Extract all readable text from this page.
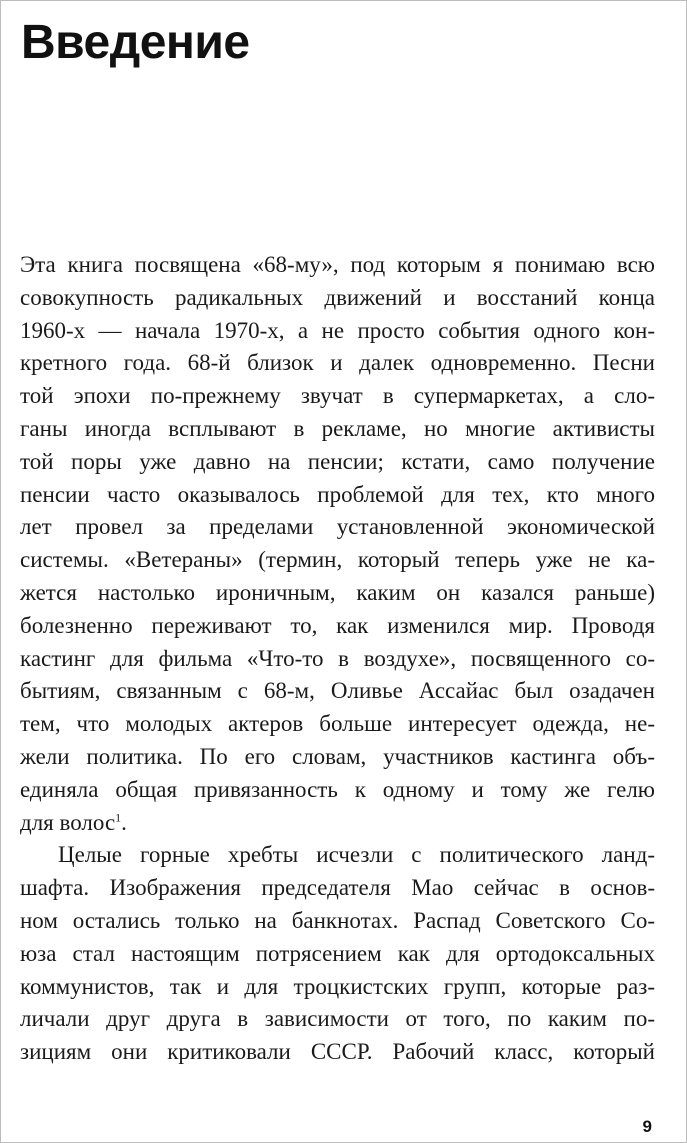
Введение
Эта книга посвящена «68-му», под которым я понимаю всю
совокупность радикальных движений и восстаний конца
1960-х — начала 1970-х, а не просто события одного кон-
кретного года. 68-й близок и далек одновременно. Песни
той эпохи по-прежнему звучат в супермаркетах, а сло-
ганы иногда всплывают в рекламе, но многие активисты
той поры уже давно на пенсии; кстати, само получение
пенсии часто оказывалось проблемой для тех, кто много
лет провел за пределами установленной экономической
системы. «Ветераны» (термин, который теперь уже не ка-
жется настолько ироничным, каким он казался раньше)
болезненно переживают то, как изменился мир. Проводя
кастинг для фильма «Что-то в воздухе», посвященного со-
бытиям, связанным с 68-м, Оливье Ассайас был озадачен
тем, что молодых актеров больше интересует одежда, не-
жели политика. По его словам, участников кастинга объ-
единяла общая привязанность к одному и тому же гелю
для волос$^1$.
Целые горные хребты исчезли с политического ланд-
шафта. Изображения председателя Мао сейчас в основ-
ном остались только на банкнотах. Распад Советского Со-
юза стал настоящим потрясением как для ортодоксальных
коммунистов, так и для троцкистских групп, которые раз-
личали друг друга в зависимости от того, по каким по-
зициям они критиковали СССР. Рабочий класс, который
9
